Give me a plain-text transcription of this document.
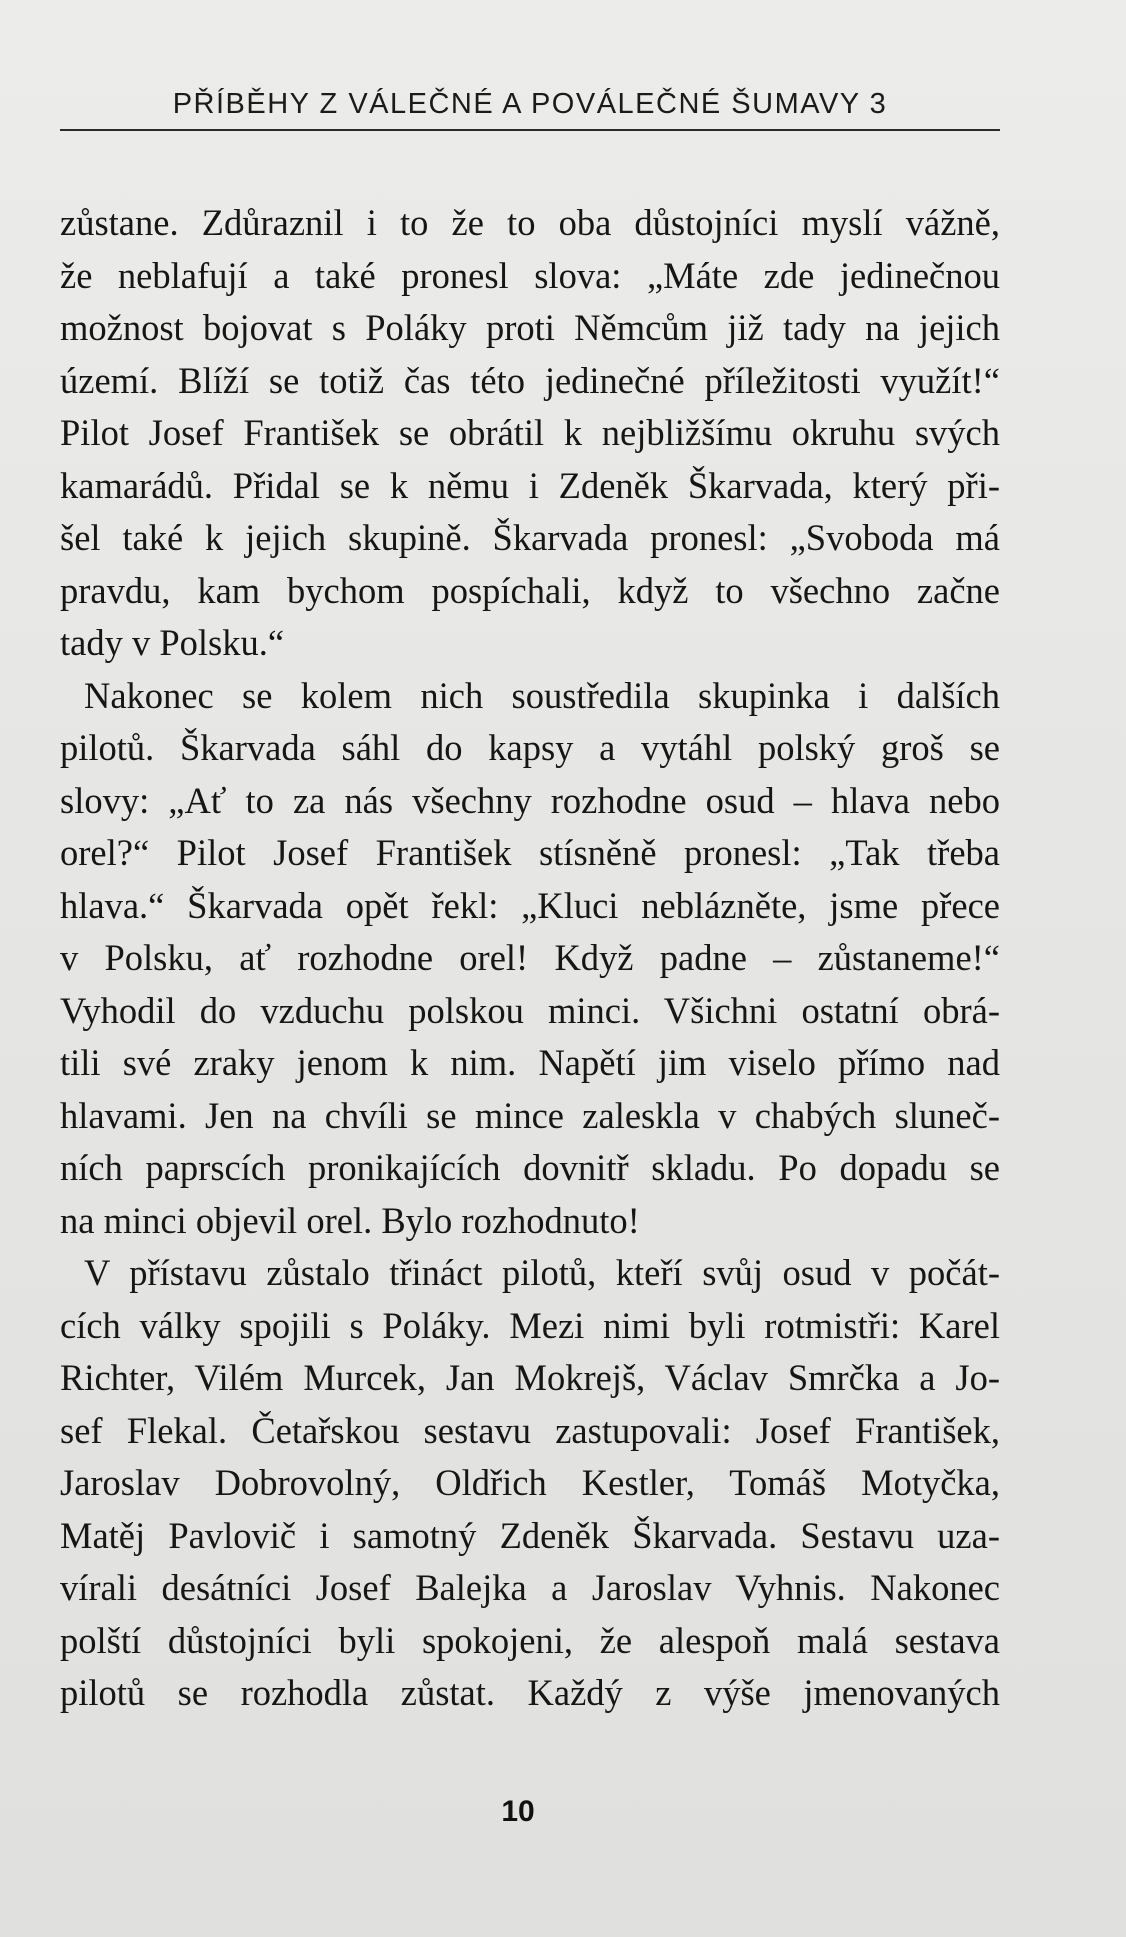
PŘÍBĚHY Z VÁLEČNÉ A POVÁLEČNÉ ŠUMAVY 3
zůstane. Zdůraznil i to že to oba důstojníci myslí vážně,
že neblafují a také pronesl slova: „Máte zde jedinečnou
možnost bojovat s Poláky proti Němcům již tady na jejich
území. Blíží se totiž čas této jedinečné příležitosti využít!“
Pilot Josef František se obrátil k nejbližšímu okruhu svých
kamarádů. Přidal se k němu i Zdeněk Škarvada, který při-
šel také k jejich skupině. Škarvada pronesl: „Svoboda má
pravdu, kam bychom pospíchali, když to všechno začne
tady v Polsku.“
Nakonec se kolem nich soustředila skupinka i dalších
pilotů. Škarvada sáhl do kapsy a vytáhl polský groš se
slovy: „Ať to za nás všechny rozhodne osud – hlava nebo
orel?“ Pilot Josef František stísněně pronesl: „Tak třeba
hlava.“ Škarvada opět řekl: „Kluci neblázněte, jsme přece
v Polsku, ať rozhodne orel! Když padne – zůstaneme!“
Vyhodil do vzduchu polskou minci. Všichni ostatní obrá-
tili své zraky jenom k nim. Napětí jim viselo přímo nad
hlavami. Jen na chvíli se mince zaleskla v chabých sluneč-
ních paprscích pronikajících dovnitř skladu. Po dopadu se
na minci objevil orel. Bylo rozhodnuto!
V přístavu zůstalo třináct pilotů, kteří svůj osud v počát-
cích války spojili s Poláky. Mezi nimi byli rotmistři: Karel
Richter, Vilém Murcek, Jan Mokrejš, Václav Smrčka a Jo-
sef Flekal. Četařskou sestavu zastupovali: Josef František,
Jaroslav Dobrovolný, Oldřich Kestler, Tomáš Motyčka,
Matěj Pavlovič i samotný Zdeněk Škarvada. Sestavu uza-
vírali desátníci Josef Balejka a Jaroslav Vyhnis. Nakonec
polští důstojníci byli spokojeni, že alespoň malá sestava
pilotů se rozhodla zůstat. Každý z výše jmenovaných
10
